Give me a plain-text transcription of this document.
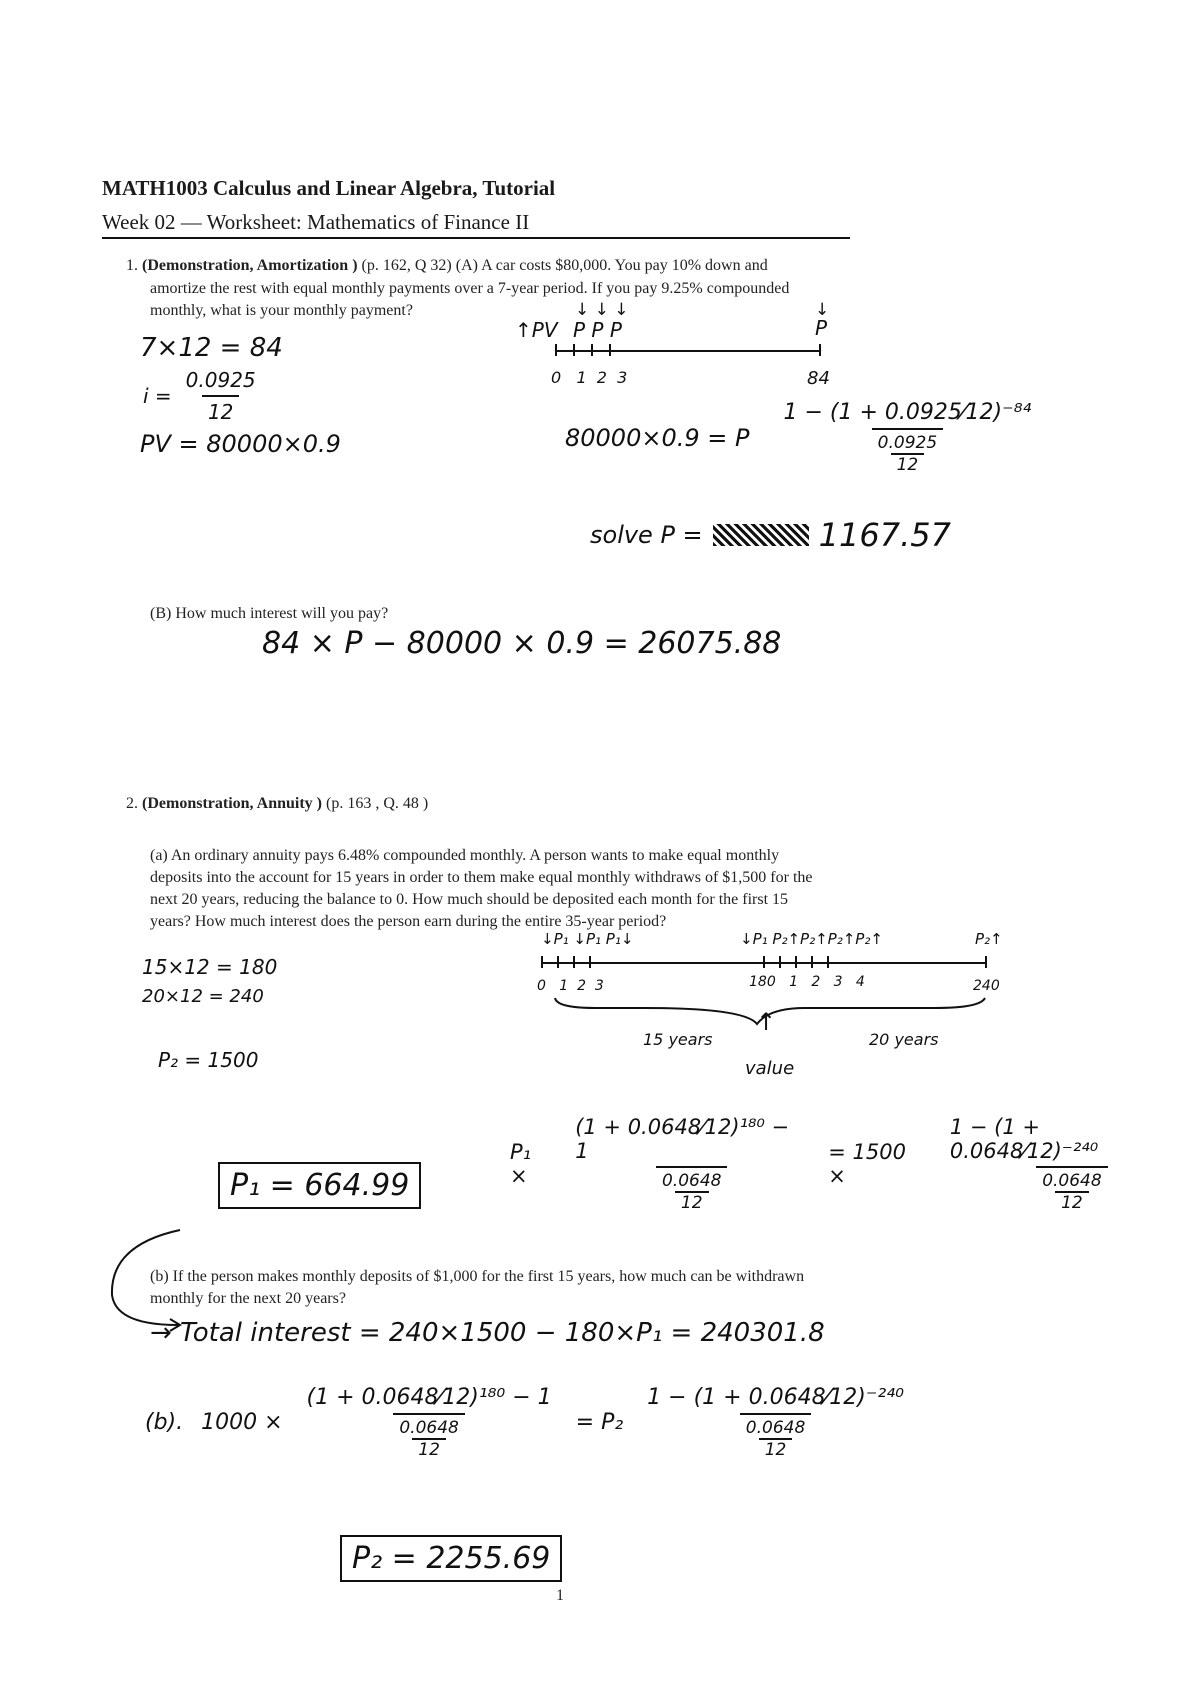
MATH1003 Calculus and Linear Algebra, Tutorial
Week 02 — Worksheet: Mathematics of Finance II
1. (Demonstration, Amortization ) (p. 162, Q 32) (A) A car costs $80,000. You pay 10% down and
amortize the rest with equal monthly payments over a 7-year period. If you pay 9.25% compounded
monthly, what is your monthly payment?
7×12 = 84
$i = \frac{0.0925}{12}$
PV = 80000×0.9
↓ ↓ ↓
↑PV P P P
↓
P
0   1  2  3	84
80000×0.9 = P $\frac{\text{1 − (1 + 0.0925⁄12)⁻⁸⁴}}{\frac{0.0925}{12}}$
solve P =	1167.57
(B) How much interest will you pay?
84 × P − 80000 × 0.9 = 26075.88
2. (Demonstration, Annuity ) (p. 163 , Q. 48 )
(a) An ordinary annuity pays 6.48% compounded monthly. A person wants to make equal monthly
deposits into the account for 15 years in order to them make equal monthly withdraws of $1,500 for the
next 20 years, reducing the balance to 0. How much should be deposited each month for the first 15
years? How much interest does the person earn during the entire 35-year period?
15×12 = 180
20×12 = 240
P₂ = 1500
↓P₁ ↓P₁ P₁↓	↓P₁ P₂↑P₂↑P₂↑P₂↑	P₂↑
0   1  2  3	180   1   2   3   4	240
15 years	20 years
↑
value
P₁ ×	$\frac{\text{(1 + 0.0648⁄12)¹⁸⁰ − 1}}{\frac{0.0648}{12}} = 1500$ ×	$\frac{\text{1 − (1 + 0.0648⁄12)⁻²⁴⁰}}{\frac{0.0648}{12}}$
P₁ = 664.99
(b) If the person makes monthly deposits of $1,000 for the first 15 years, how much can be withdrawn
monthly for the next 20 years?
→ Total interest = 240×1500 − 180×P₁ = 240301.8
(b). $1000 \times \frac{\text{(1 + 0.0648⁄12)¹⁸⁰ − 1}}{\frac{0.0648}{12}} = P_2 \frac{\text{1 − (1 + 0.0648⁄12)⁻²⁴⁰}}{\frac{0.0648}{12}}$
P₂ = 2255.69
1
